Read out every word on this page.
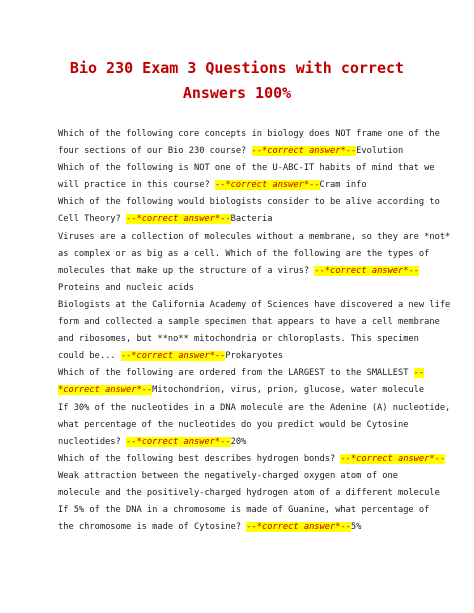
Bio 230 Exam 3 Questions with correct
Answers 100%
Which of the following core concepts in biology does NOT frame one of the
four sections of our Bio 230 course? --*correct answer*--Evolution
Which of the following is NOT one of the U-ABC-IT habits of mind that we
will practice in this course? --*correct answer*--Cram info
Which of the following would biologists consider to be alive according to
Cell Theory? --*correct answer*--Bacteria
Viruses are a collection of molecules without a membrane, so they are *not*
as complex or as big as a cell. Which of the following are the types of
molecules that make up the structure of a virus? --*correct answer*--
Proteins and nucleic acids
Biologists at the California Academy of Sciences have discovered a new life
form and collected a sample specimen that appears to have a cell membrane
and ribosomes, but **no** mitochondria or chloroplasts. This specimen
could be... --*correct answer*--Prokaryotes
Which of the following are ordered from the LARGEST to the SMALLEST --
*correct answer*--Mitochondrion, virus, prion, glucose, water molecule
If 30% of the nucleotides in a DNA molecule are the Adenine (A) nucleotide,
what percentage of the nucleotides do you predict would be Cytosine
nucleotides? --*correct answer*--20%
Which of the following best describes hydrogen bonds? --*correct answer*--
Weak attraction between the negatively-charged oxygen atom of one
molecule and the positively-charged hydrogen atom of a different molecule
If 5% of the DNA in a chromosome is made of Guanine, what percentage of
the chromosome is made of Cytosine? --*correct answer*--5%
